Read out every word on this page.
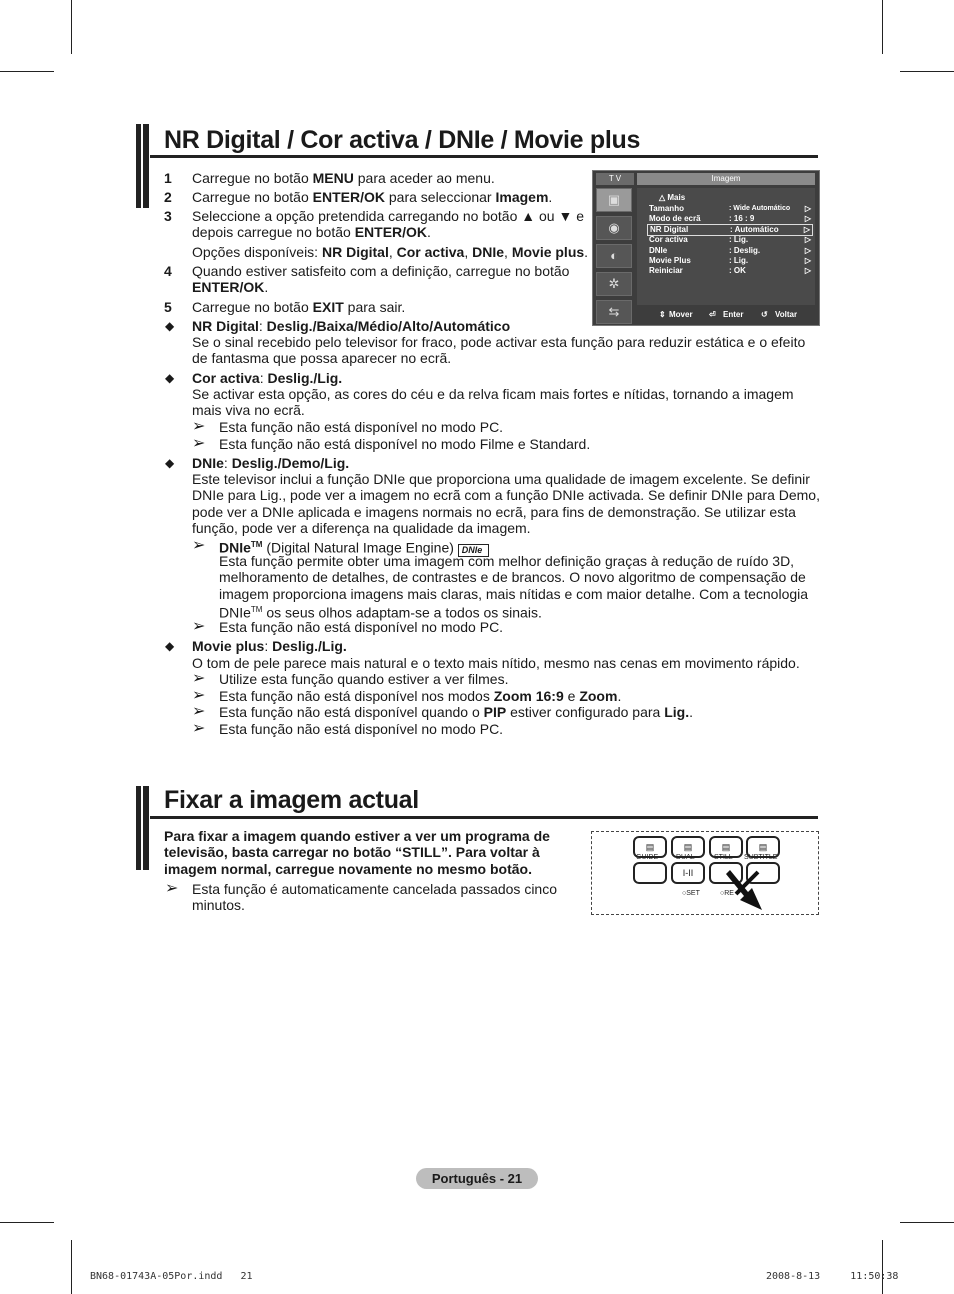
NR Digital / Cor activa / DNIe / Movie plus
1 Carregue no botão MENU para aceder ao menu.
2 Carregue no botão ENTER/OK para seleccionar Imagem.
3 Seleccione a opção pretendida carregando no botão ▲ ou ▼ e
depois carregue no botão ENTER/OK.
Opções disponíveis: NR Digital, Cor activa, DNIe, Movie plus.
4 Quando estiver satisfeito com a definição, carregue no botão
ENTER/OK.
5 Carregue no botão EXIT para sair.
T V	Imagem
▣
◉
◐
✲
⇆
△ Mais
Tamanho	: Wide Automático ▷
Modo de ecrã	: 16 : 9	▷
NR Digital	: Automático	▷
Cor activa	: Lig.	▷
DNIe	: Deslig.	▷
Movie Plus	: Lig.	▷
Reiniciar	: OK	▷
⇕ Mover ⏎ Enter ↺ Voltar
◆ NR Digital: Deslig./Baixa/Médio/Alto/Automático
Se o sinal recebido pelo televisor for fraco, pode activar esta função para reduzir estática e o efeito
de fantasma que possa aparecer no ecrã.
◆ Cor activa: Deslig./Lig.
Se activar esta opção, as cores do céu e da relva ficam mais fortes e nítidas, tornando a imagem
mais viva no ecrã.
➢ Esta função não está disponível no modo PC.
➢ Esta função não está disponível no modo Filme e Standard.
◆ DNIe: Deslig./Demo/Lig.
Este televisor inclui a função DNIe que proporciona uma qualidade de imagem excelente. Se definir
DNIe para Lig., pode ver a imagem no ecrã com a função DNIe activada. Se definir DNIe para Demo,
pode ver a DNIe aplicada e imagens normais no ecrã, para fins de demonstração. Se utilizar esta
função, pode ver a diferença na qualidade da imagem.
➢ DNIe™ (Digital Natural Image Engine) DNIe
Esta função permite obter uma imagem com melhor definição graças à redução de ruído 3D,
melhoramento de detalhes, de contrastes e de brancos. O novo algoritmo de compensação de
imagem proporciona imagens mais claras, mais nítidas e com maior detalhe. Com a tecnologia
DNIe™ os seus olhos adaptam-se a todos os sinais.
➢ Esta função não está disponível no modo PC.
◆ Movie plus: Deslig./Lig.
O tom de pele parece mais natural e o texto mais nítido, mesmo nas cenas em movimento rápido.
➢ Utilize esta função quando estiver a ver filmes.
➢ Esta função não está disponível nos modos Zoom 16:9 e Zoom.
➢ Esta função não está disponível quando o PIP estiver configurado para Lig..
➢ Esta função não está disponível no modo PC.
Fixar a imagem actual
Para fixar a imagem quando estiver a ver um programa de
televisão, basta carregar no botão “STILL”. Para voltar à
imagem normal, carregue novamente no mesmo botão.
➢ Esta função é automaticamente cancelada passados cinco
minutos.
▤
GUIDE
▤
DUAL
▤
STILL
▤
SUBTITLE
I-II
○SET	○RE
Português - 21
BN68-01743A-05Por.indd   21	2008-8-13     11:50:38
